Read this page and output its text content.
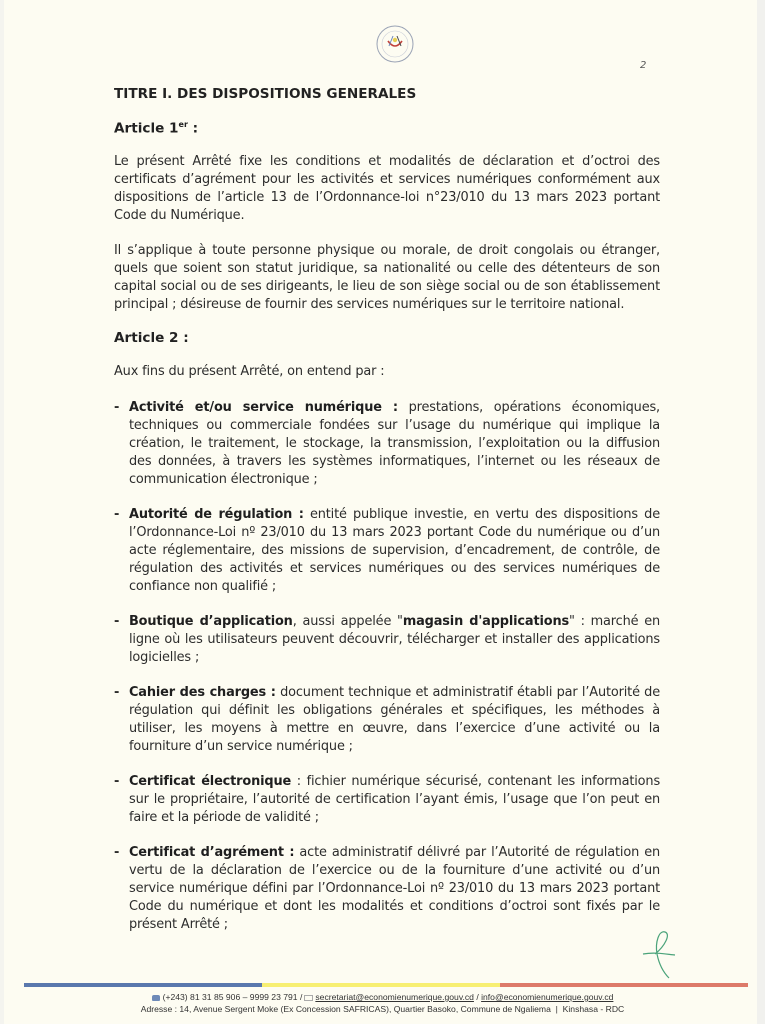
2
TITRE I. DES DISPOSITIONS GENERALES
Article 1er :

Le présent Arrêté fixe les conditions et modalités de déclaration et d’octroi des certificats d’agrément pour les activités et services numériques conformément aux dispositions de l’article 13 de l’Ordonnance-loi n°23/010 du 13 mars 2023 portant Code du Numérique.

Il s’applique à toute personne physique ou morale, de droit congolais ou étranger, quels que soient son statut juridique, sa nationalité ou celle des détenteurs de son capital social ou de ses dirigeants, le lieu de son siège social ou de son établissement principal ; désireuse de fournir des services numériques sur le territoire national.

Article 2 :

Aux fins du présent Arrêté, on entend par :

- Activité et/ou service numérique : prestations, opérations économiques, techniques ou commerciale fondées sur l’usage du numérique qui implique la création, le traitement, le stockage, la transmission, l’exploitation ou la diffusion des données, à travers les systèmes informatiques, l’internet ou les réseaux de communication électronique ;
- Autorité de régulation : entité publique investie, en vertu des dispositions de l’Ordonnance-Loi nº 23/010 du 13 mars 2023 portant Code du numérique ou d’un acte réglementaire, des missions de supervision, d’encadrement, de contrôle, de régulation des activités et services numériques ou des services numériques de confiance non qualifié ;
- Boutique d’application, aussi appelée "magasin d'applications" : marché en ligne où les utilisateurs peuvent découvrir, télécharger et installer des applications logicielles ;
- Cahier des charges : document technique et administratif établi par l’Autorité de régulation qui définit les obligations générales et spécifiques, les méthodes à utiliser, les moyens à mettre en œuvre, dans l’exercice d’une activité ou la fourniture d’un service numérique ;
- Certificat électronique : fichier numérique sécurisé, contenant les informations sur le propriétaire, l’autorité de certification l’ayant émis, l’usage que l’on peut en faire et la période de validité ;
- Certificat d’agrément : acte administratif délivré par l’Autorité de régulation en vertu de la déclaration de l’exercice ou de la fourniture d’une activité ou d’un service numérique défini par l’Ordonnance-Loi nº 23/010 du 13 mars 2023 portant Code du numérique et dont les modalités et conditions d’octroi sont fixés par le présent Arrêté ;
(+243) 81 31 85 906 – 9999 23 791 / secretariat@economienumerique.gouv.cd / info@economienumerique.gouv.cd
Adresse : 14, Avenue Sergent Moke (Ex Concession SAFRICAS), Quartier Basoko, Commune de Ngaliema  |  Kinshasa - RDC
